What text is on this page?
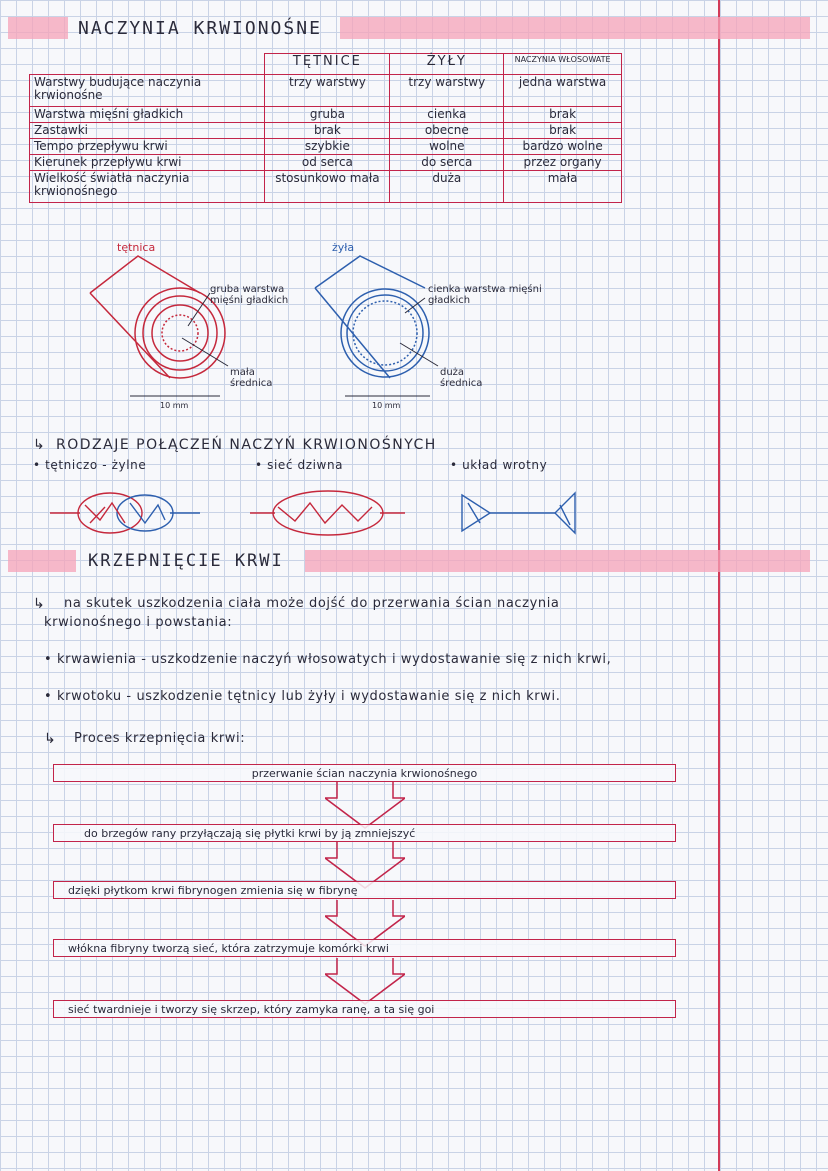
NACZYNIA KRWIONOŚNE
	TĘTNICE	ŻYŁY	NACZYNIA WŁOSOWATE
Warstwy budujące naczynia krwionośne	trzy warstwy	trzy warstwy	jedna warstwa
Warstwa mięśni gładkich	gruba	cienka	brak
Zastawki	brak	obecne	brak
Tempo przepływu krwi	szybkie	wolne	bardzo wolne
Kierunek przepływu krwi	od serca	do serca	przez organy
Wielkość światła naczynia krwionośnego	stosunkowo mała	duża	mała
tętnica	żyła
gruba warstwa mięśni gładkich
mała średnica
cienka warstwa mięśni gładkich
duża średnica
10 mm	10 mm
↳ RODZAJE POŁĄCZEŃ NACZYŃ KRWIONOŚNYCH
• tętniczo - żylne	• sieć dziwna	• układ wrotny
KRZEPNIĘCIE KRWI
↳ na skutek uszkodzenia ciała może dojść do przerwania ścian naczynia
krwionośnego i powstania:
• krwawienia - uszkodzenie naczyń włosowatych i wydostawanie się z nich krwi,
• krwotoku - uszkodzenie tętnicy lub żyły i wydostawanie się z nich krwi.
↳ Proces krzepnięcia krwi:
przerwanie ścian naczynia krwionośnego
do brzegów rany przyłączają się płytki krwi by ją zmniejszyć
dzięki płytkom krwi fibrynogen zmienia się w fibrynę
włókna fibryny tworzą sieć, która zatrzymuje komórki krwi
sieć twardnieje i tworzy się skrzep, który zamyka ranę, a ta się goi
